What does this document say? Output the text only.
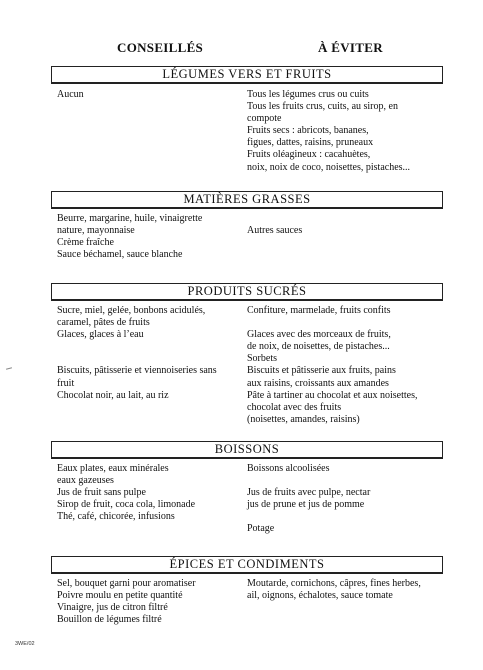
CONSEILLÉS	À ÉVITER
LÉGUMES VERS ET FRUITS
Aucun	Tous les légumes crus ou cuits
Tous les fruits crus, cuits, au sirop, en
compote
Fruits secs : abricots, bananes,
figues, dattes, raisins, pruneaux
Fruits oléagineux : cacahuètes,
noix, noix de coco, noisettes, pistaches...
MATIÈRES GRASSES
Beurre, margarine, huile, vinaigrette
nature, mayonnaise
Crème fraîche
Sauce béchamel, sauce blanche
Autres sauces
PRODUITS SUCRÉS
Sucre, miel, gelée, bonbons acidulés,
caramel, pâtes de fruits
Glaces, glaces à l’eau
Biscuits, pâtisserie et viennoiseries sans
fruit
Chocolat noir, au lait, au riz
Confiture, marmelade, fruits confits
Glaces avec des morceaux de fruits,
de noix, de noisettes, de pistaches...
Sorbets
Biscuits et pâtisserie aux fruits, pains
aux raisins, croissants aux amandes
Pâte à tartiner au chocolat et aux noisettes,
chocolat avec des fruits
(noisettes, amandes, raisins)
BOISSONS
Eaux plates, eaux minérales
eaux gazeuses
Jus de fruit sans pulpe
Sirop de fruit, coca cola, limonade
Thé, café, chicorée, infusions
Boissons alcoolisées
Jus de fruits avec pulpe, nectar
jus de prune et jus de pomme
Potage
ÉPICES ET CONDIMENTS
Sel, bouquet garni pour aromatiser
Poivre moulu en petite quantité
Vinaigre, jus de citron filtré
Bouillon de légumes filtré
Moutarde, cornichons, câpres, fines herbes,
ail, oignons, échalotes, sauce tomate
3WE/02
